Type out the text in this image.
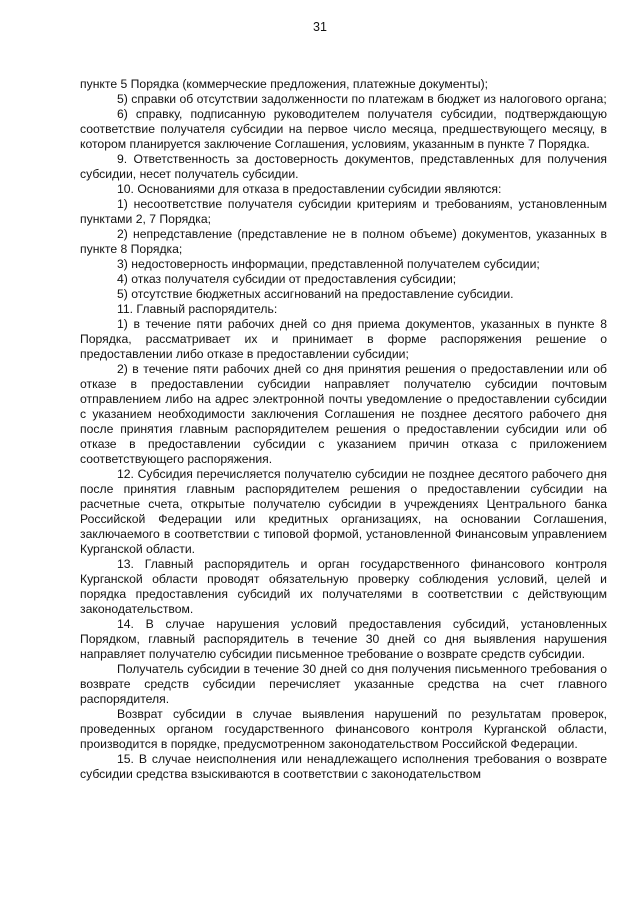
31

пункте 5 Порядка (коммерческие предложения, платежные документы);

5) справки об отсутствии задолженности по платежам в бюджет из налогового органа;

6) справку, подписанную руководителем получателя субсидии, подтверждающую соответствие получателя субсидии на первое число месяца, предшествующего месяцу, в котором планируется заключение Соглашения, условиям, указанным в пункте 7 Порядка.

9. Ответственность за достоверность документов, представленных для получения субсидии, несет получатель субсидии.

10. Основаниями для отказа в предоставлении субсидии являются:

1) несоответствие получателя субсидии критериям и требованиям, установленным пунктами 2, 7 Порядка;

2) непредставление (представление не в полном объеме) документов, указанных в пункте 8 Порядка;

3) недостоверность информации, представленной получателем субсидии;

4) отказ получателя субсидии от предоставления субсидии;

5) отсутствие бюджетных ассигнований на предоставление субсидии.

11. Главный распорядитель:

1) в течение пяти рабочих дней со дня приема документов, указанных в пункте 8 Порядка, рассматривает их и принимает в форме распоряжения решение о предоставлении либо отказе в предоставлении субсидии;

2) в течение пяти рабочих дней со дня принятия решения о предоставлении или об отказе в предоставлении субсидии направляет получателю субсидии почтовым отправлением либо на адрес электронной почты уведомление о предоставлении субсидии с указанием необходимости заключения Соглашения не позднее десятого рабочего дня после принятия главным распорядителем решения о предоставлении субсидии или об отказе в предоставлении субсидии с указанием причин отказа с приложением соответствующего распоряжения.

12. Субсидия перечисляется получателю субсидии не позднее десятого рабочего дня после принятия главным распорядителем решения о предоставлении субсидии на расчетные счета, открытые получателю субсидии в учреждениях Центрального банка Российской Федерации или кредитных организациях, на основании Соглашения, заключаемого в соответствии с типовой формой, установленной Финансовым управлением Курганской области.

13. Главный распорядитель и орган государственного финансового контроля Курганской области проводят обязательную проверку соблюдения условий, целей и порядка предоставления субсидий их получателями в соответствии с действующим законодательством.

14. В случае нарушения условий предоставления субсидий, установленных Порядком, главный распорядитель в течение 30 дней со дня выявления нарушения направляет получателю субсидии письменное требование о возврате средств субсидии.

Получатель субсидии в течение 30 дней со дня получения письменного требования о возврате средств субсидии перечисляет указанные средства на счет главного распорядителя.

Возврат субсидии в случае выявления нарушений по результатам проверок, проведенных органом государственного финансового контроля Курганской области, производится в порядке, предусмотренном законодательством Российской Федерации.

15. В случае неисполнения или ненадлежащего исполнения требования о возврате субсидии средства взыскиваются в соответствии с законодательством
